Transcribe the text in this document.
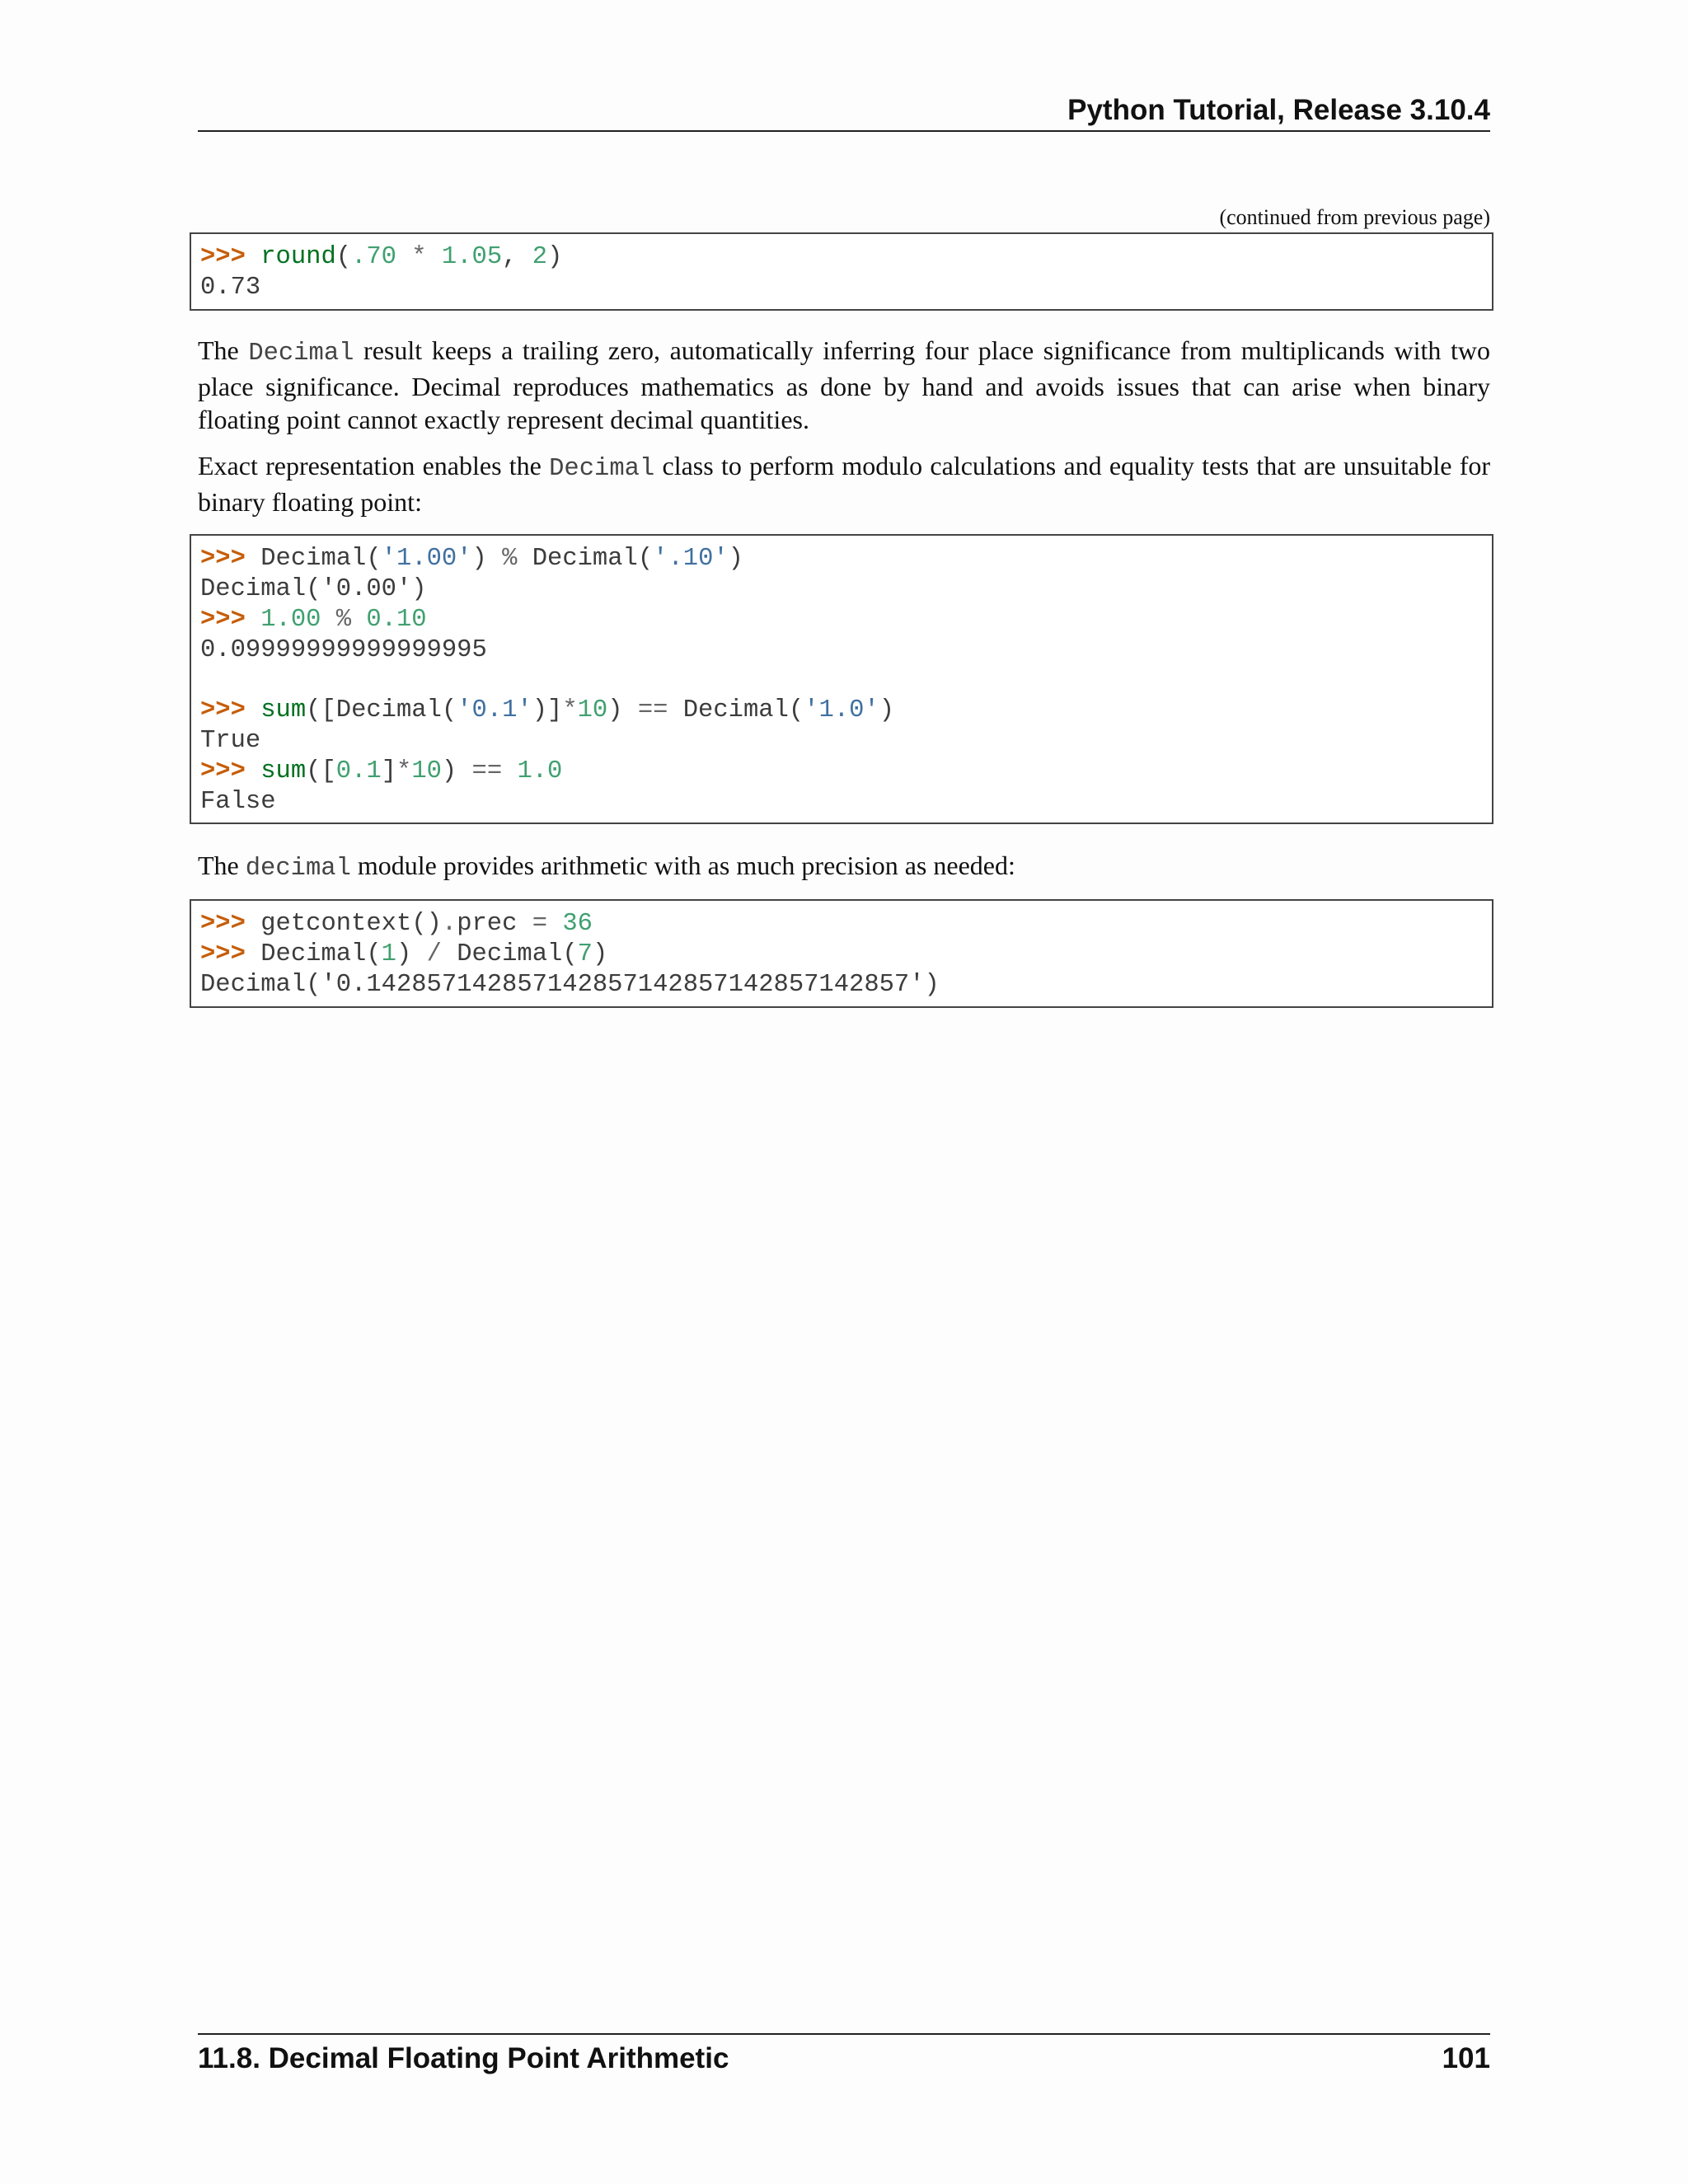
Python Tutorial, Release 3.10.4
(continued from previous page)
>>> round(.70 * 1.05, 2)
0.73
The Decimal result keeps a trailing zero, automatically inferring four place significance from multiplicands with two place significance. Decimal reproduces mathematics as done by hand and avoids issues that can arise when binary floating point cannot exactly represent decimal quantities.
Exact representation enables the Decimal class to perform modulo calculations and equality tests that are unsuitable for binary floating point:
>>> Decimal('1.00') % Decimal('.10')
Decimal('0.00')
>>> 1.00 % 0.10
0.09999999999999995
>>> sum([Decimal('0.1')]*10) == Decimal('1.0')
True
>>> sum([0.1]*10) == 1.0
False
The decimal module provides arithmetic with as much precision as needed:
>>> getcontext().prec = 36
>>> Decimal(1) / Decimal(7)
Decimal('0.142857142857142857142857142857142857')
11.8. Decimal Floating Point Arithmetic	101
